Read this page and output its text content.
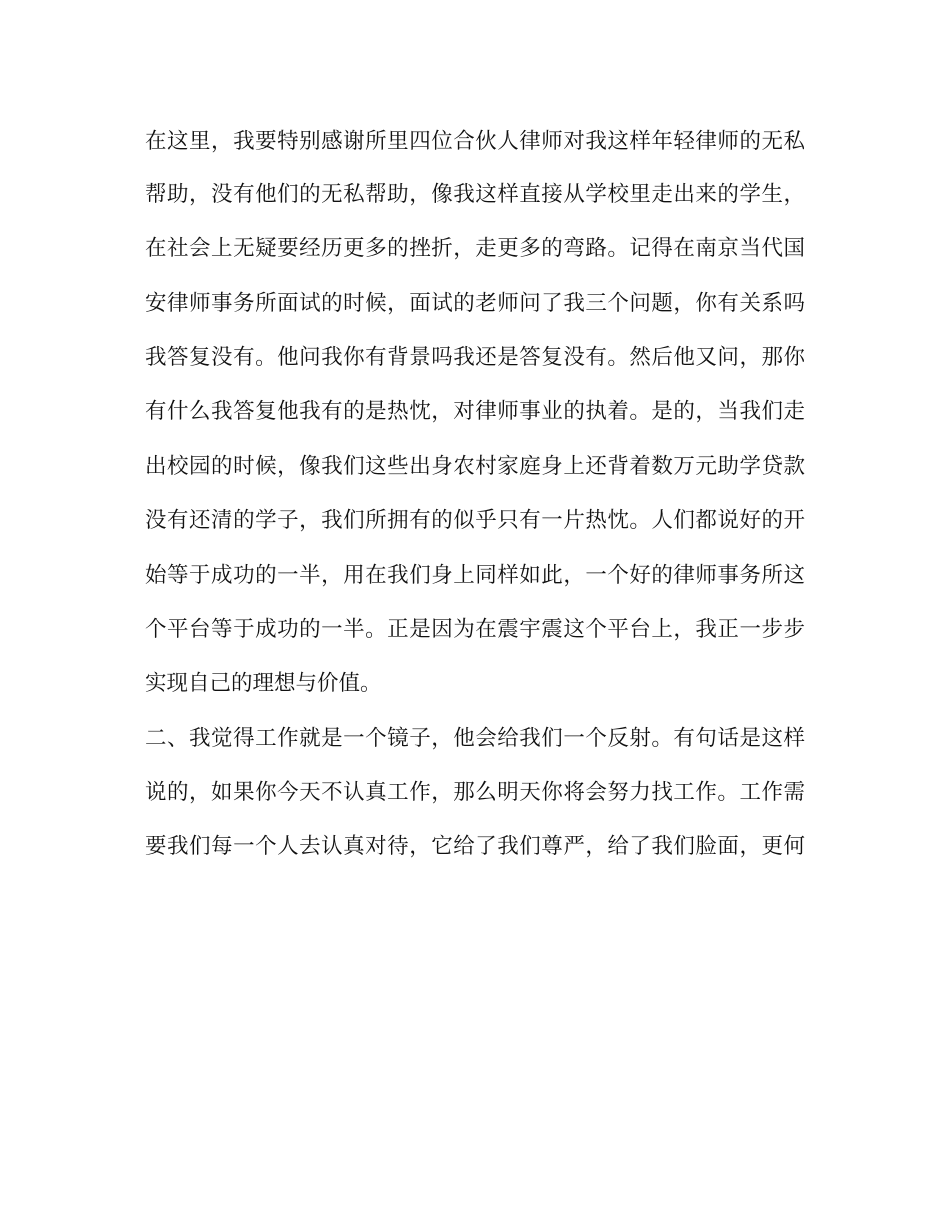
在这里，我要特别感谢所里四位合伙人律师对我这样年轻律师的无私
帮助，没有他们的无私帮助，像我这样直接从学校里走出来的学生，
在社会上无疑要经历更多的挫折，走更多的弯路。记得在南京当代国
安律师事务所面试的时候，面试的老师问了我三个问题，你有关系吗
我答复没有。他问我你有背景吗我还是答复没有。然后他又问，那你
有什么我答复他我有的是热忱，对律师事业的执着。是的，当我们走
出校园的时候，像我们这些出身农村家庭身上还背着数万元助学贷款
没有还清的学子，我们所拥有的似乎只有一片热忱。人们都说好的开
始等于成功的一半，用在我们身上同样如此，一个好的律师事务所这
个平台等于成功的一半。正是因为在震宇震这个平台上，我正一步步
实现自己的理想与价值。
二、我觉得工作就是一个镜子，他会给我们一个反射。有句话是这样
说的，如果你今天不认真工作，那么明天你将会努力找工作。工作需
要我们每一个人去认真对待，它给了我们尊严，给了我们脸面，更何
